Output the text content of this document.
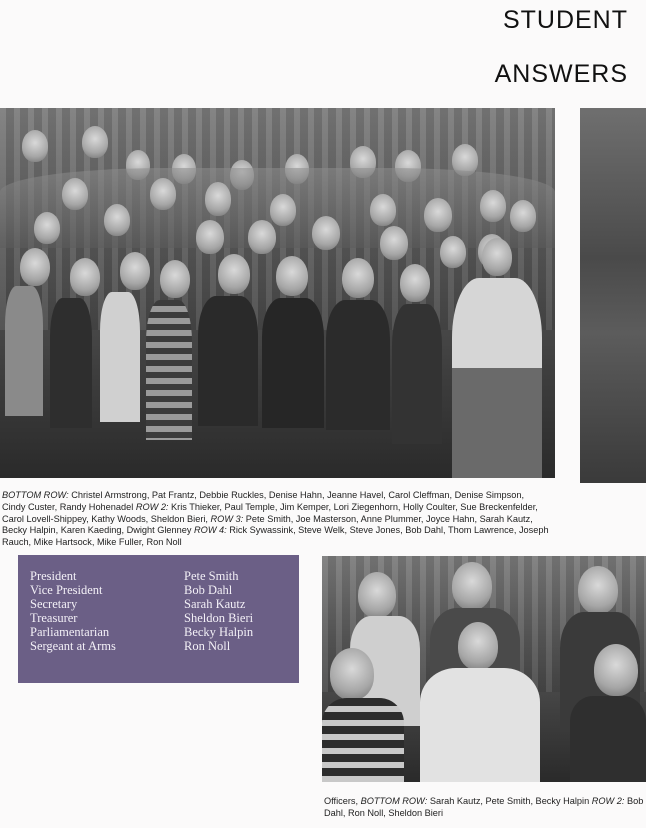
STUDENT
ANSWERS
BOTTOM ROW: Christel Armstrong, Pat Frantz, Debbie Ruckles, Denise Hahn, Jeanne Havel, Carol Cleffman, Denise Simpson, Cindy Custer, Randy Hohenadel ROW 2: Kris Thieker, Paul Temple, Jim Kemper, Lori Ziegenhorn, Holly Coulter, Sue Breckenfelder, Carol Lovell-Shippey, Kathy Woods, Sheldon Bieri, ROW 3: Pete Smith, Joe Masterson, Anne Plummer, Joyce Hahn, Sarah Kautz, Becky Halpin, Karen Kaeding, Dwight Glenney ROW 4: Rick Sywassink, Steve Welk, Steve Jones, Bob Dahl, Thom Lawrence, Joseph Rauch, Mike Hartsock, Mike Fuller, Ron Noll
President	Pete Smith
Vice President	Bob Dahl
Secretary	Sarah Kautz
Treasurer	Sheldon Bieri
Parliamentarian	Becky Halpin
Sergeant at Arms	Ron Noll
Officers, BOTTOM ROW: Sarah Kautz, Pete Smith, Becky Halpin ROW 2: Bob Dahl, Ron Noll, Sheldon Bieri
